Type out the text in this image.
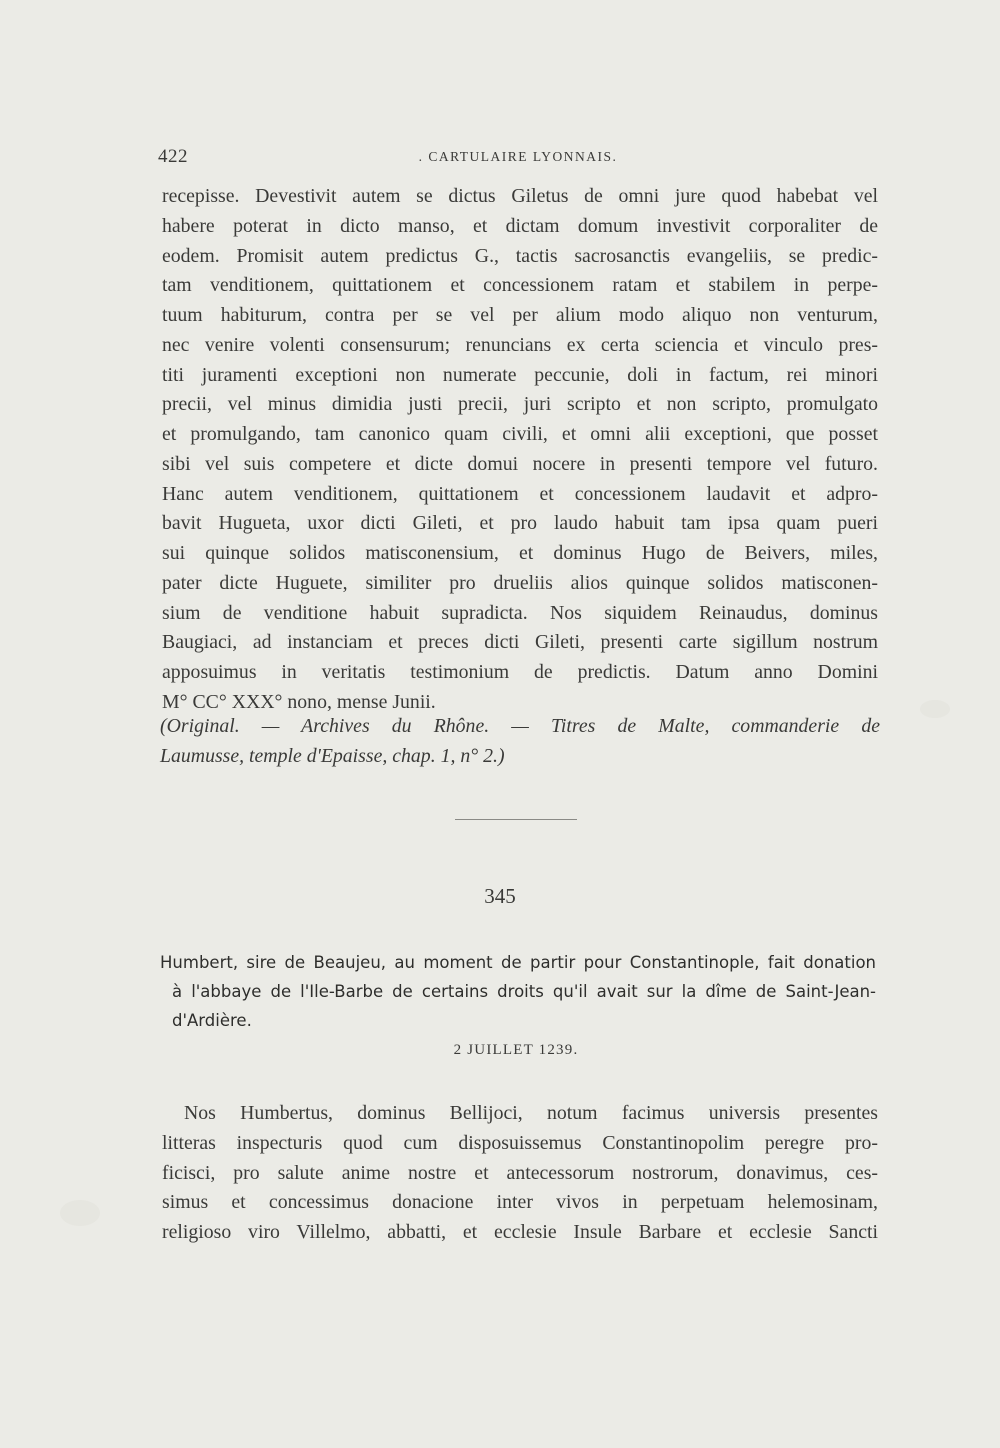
422	. CARTULAIRE LYONNAIS.
recepisse. Devestivit autem se dictus Giletus de omni jure quod habebat vel
habere poterat in dicto manso, et dictam domum investivit corporaliter de
eodem. Promisit autem predictus G., tactis sacrosanctis evangeliis, se predic-
tam venditionem, quittationem et concessionem ratam et stabilem in perpe-
tuum habiturum, contra per se vel per alium modo aliquo non venturum,
nec venire volenti consensurum; renuncians ex certa sciencia et vinculo pres-
titi juramenti exceptioni non numerate peccunie, doli in factum, rei minori
precii, vel minus dimidia justi precii, juri scripto et non scripto, promulgato
et promulgando, tam canonico quam civili, et omni alii exceptioni, que posset
sibi vel suis competere et dicte domui nocere in presenti tempore vel futuro.
Hanc autem venditionem, quittationem et concessionem laudavit et adpro-
bavit Hugueta, uxor dicti Gileti, et pro laudo habuit tam ipsa quam pueri
sui quinque solidos matisconensium, et dominus Hugo de Beivers, miles,
pater dicte Huguete, similiter pro drueliis alios quinque solidos matisconen-
sium de venditione habuit supradicta. Nos siquidem Reinaudus, dominus
Baugiaci, ad instanciam et preces dicti Gileti, presenti carte sigillum nostrum
apposuimus in veritatis testimonium de predictis. Datum anno Domini
M° CC° XXX° nono, mense Junii.
(Original. — Archives du Rhône. — Titres de Malte, commanderie de
Laumusse, temple d'Epaisse, chap. 1, n° 2.)
345
Humbert, sire de Beaujeu, au moment de partir pour Constantinople, fait donation
à l'abbaye de l'Ile-Barbe de certains droits qu'il avait sur la dîme de Saint-Jean-
d'Ardière.
2 JUILLET 1239.
Nos Humbertus, dominus Bellijoci, notum facimus universis presentes
litteras inspecturis quod cum disposuissemus Constantinopolim peregre pro-
ficisci, pro salute anime nostre et antecessorum nostrorum, donavimus, ces-
simus et concessimus donacione inter vivos in perpetuam helemosinam,
religioso viro Villelmo, abbatti, et ecclesie Insule Barbare et ecclesie Sancti
